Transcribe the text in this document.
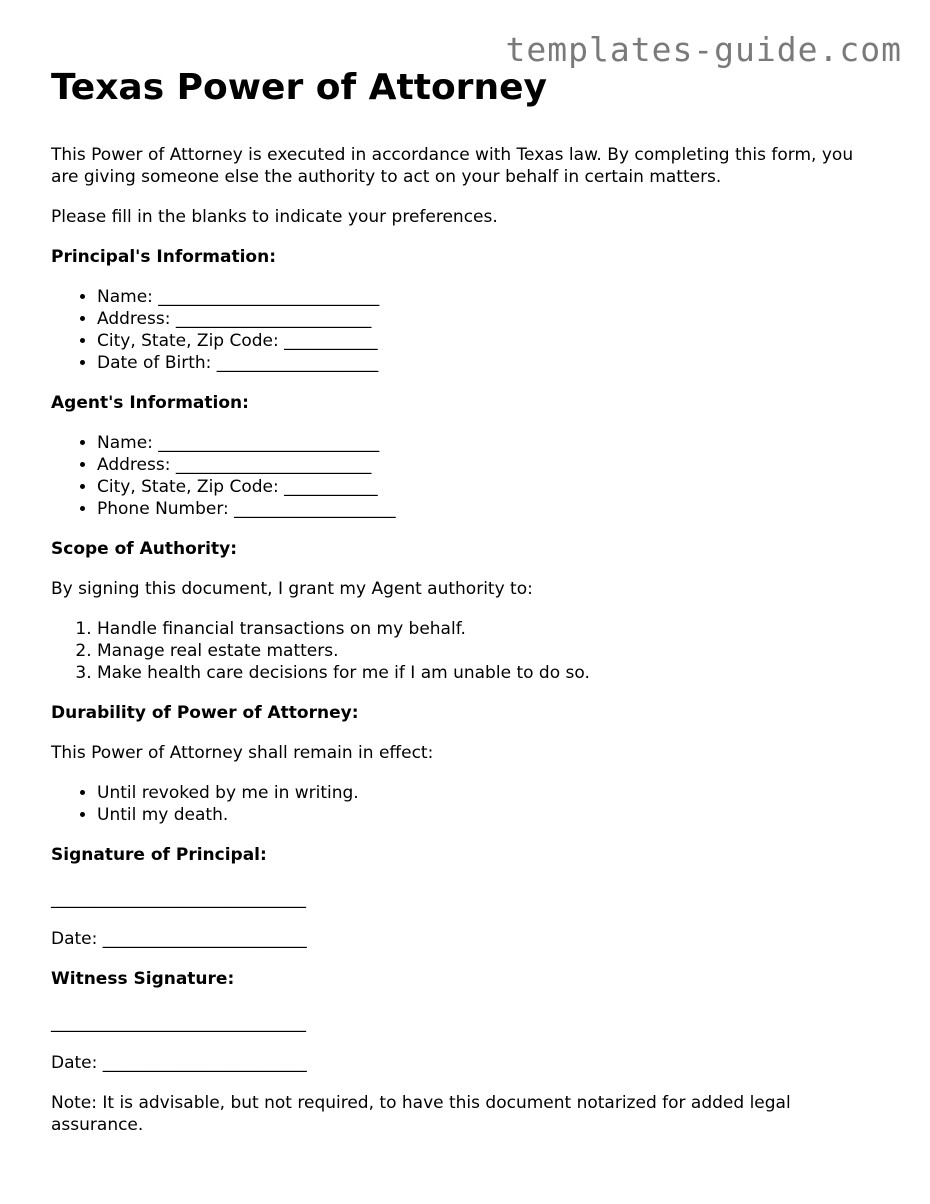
templates-guide.com
Texas Power of Attorney

This Power of Attorney is executed in accordance with Texas law. By completing this form, you are giving someone else the authority to act on your behalf in certain matters.

Please fill in the blanks to indicate your preferences.

Principal's Information:

• Name: __________________________
• Address: _______________________
• City, State, Zip Code: ___________
• Date of Birth: ___________________

Agent's Information:

• Name: __________________________
• Address: _______________________
• City, State, Zip Code: ___________
• Phone Number: ___________________

Scope of Authority:

By signing this document, I grant my Agent authority to:

1. Handle financial transactions on my behalf.
2. Manage real estate matters.
3. Make health care decisions for me if I am unable to do so.

Durability of Power of Attorney:

This Power of Attorney shall remain in effect:

• Until revoked by me in writing.
• Until my death.

Signature of Principal:

______________________________

Date: ________________________

Witness Signature:

______________________________

Date: ________________________

Note: It is advisable, but not required, to have this document notarized for added legal assurance.
